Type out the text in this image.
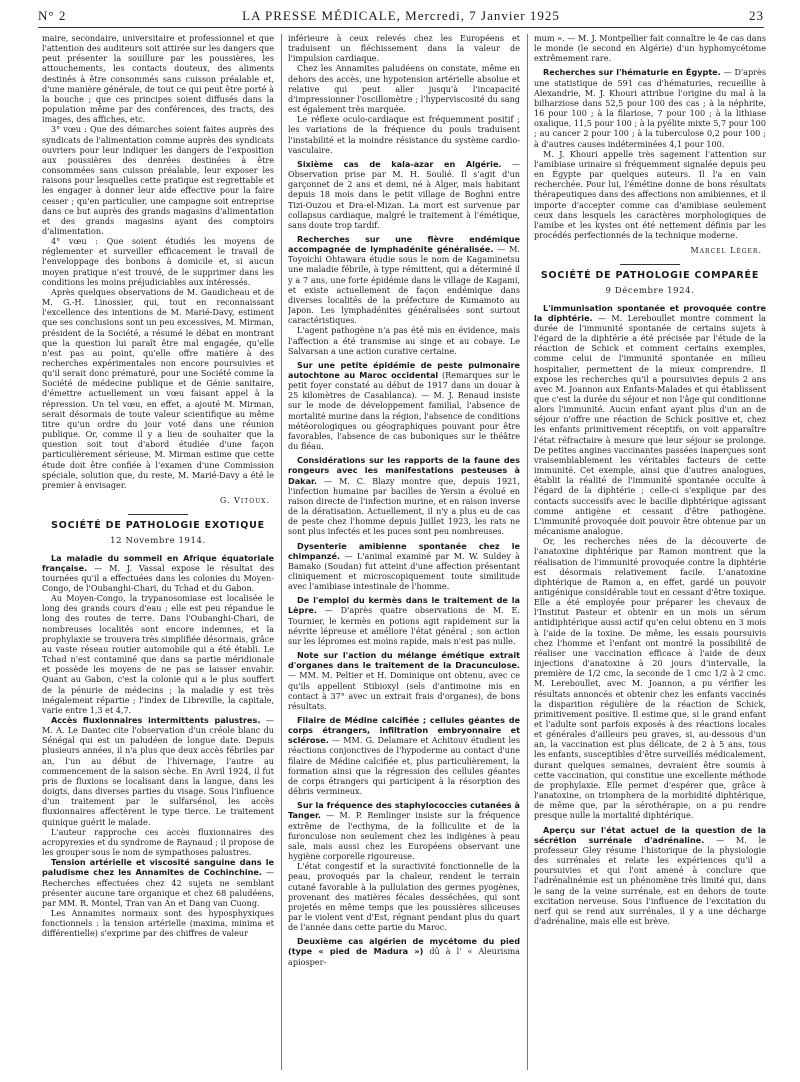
N° 2	LA PRESSE MÉDICALE, Mercredi, 7 Janvier 1925	23

maire, secondaire, universitaire et professionnel et que l'attention des auditeurs soit attirée sur les dangers que peut présenter la souillure par les poussières, les attouchements, les contacts douteux, des aliments destinés à être consommés sans cuisson préalable et, d'une manière générale, de tout ce qui peut être porté à la bouche ; que ces principes soient diffusés dans la population même par des conférences, des tracts, des images, des affiches, etc.

3° vœu : Que des démarches soient faites auprès des syndicats de l'alimentation comme auprès des syndicats ouvriers pour leur indiquer les dangers de l'exposition aux poussières des denrées destinées à être consommées sans cuisson préalable, leur exposer les raisons pour lesquelles cette pratique est regrettable et les engager à donner leur aide effective pour la faire cesser ; qu'en particulier, une campagne soit entreprise dans ce but auprès des grands magasins d'alimentation et des grands magasins ayant des comptoirs d'alimentation.

4° vœu : Que soient étudiés les moyens de réglementer et surveiller efficacement le travail de l'enveloppage des bonbons à domicile et, si aucun moyen pratique n'est trouvé, de le supprimer dans les conditions les moins préjudiciables aux intéressés.

Après quelques observations de M. Gaudicheau et de M. G.-H. Linossier, qui, tout en reconnaissant l'excellence des intentions de M. Marié-Davy, estiment que ses conclusions sont un peu excessives, M. Mirman, président de la Société, a résumé le débat en montrant que la question lui paraît être mal engagée, qu'elle n'est pas au point, qu'elle offre matière à des recherches expérimentales non encore poursuivies et qu'il serait donc prématuré, pour une Société comme la Société de médecine publique et de Génie sanitaire, d'émettre actuellement un vœu faisant appel à la répression. Un tel vœu, en effet, a ajouté M. Mirman, serait désormais de toute valeur scientifique au même titre qu'un ordre du jour voté dans une réunion publique. Or, comme il y a lieu de souhaiter que la question soit tout d'abord étudiée d'une façon particulièrement sérieuse, M. Mirman estime que cette étude doit être confiée à l'examen d'une Commission spéciale, solution que, du reste, M. Marié-Davy a été le premier à envisager.

G. Vitoux.
SOCIÉTÉ DE PATHOLOGIE EXOTIQUE
12 Novembre 1914.

La maladie du sommeil en Afrique équatoriale française. — M. J. Vassal expose le résultat des tournées qu'il a effectuées dans les colonies du Moyen-Congo, de l'Oubanghi-Chari, du Tchad et du Gabon.

Au Moyen-Congo, la trypanosomiase est localisée le long des grands cours d'eau ; elle est peu répandue le long des routes de terre. Dans l'Oubanghi-Chari, de nombreuses localités sont encore indemnes, et la prophylaxie se trouvera très simplifiée désormais, grâce au vaste réseau routier automobile qui a été établi. Le Tchad n'est contaminé que dans sa partie méridionale et possède les moyens de ne pas se laisser envahir. Quant au Gabon, c'est la colonie qui a le plus souffert de la pénurie de médecins ; la maladie y est très inégalement répartie ; l'index de Libreville, la capitale, varie entre 1,3 et 4,7.

Accès fluxionnaires intermittents palustres. — M. A. Le Dantec cite l'observation d'un créole blanc du Sénégal qui est un paludéen de longue date. Depuis plusieurs années, il n'a plus que deux accès fébriles par an, l'un au début de l'hivernage, l'autre au commencement de la saison sèche. En Avril 1924, il fut pris de fluxions se localisant dans la langue, dans les doigts, dans diverses parties du visage. Sous l'influence d'un traitement par le sulfarsénol, les accès fluxionnaires affectèrent le type tierce. Le traitement quinique guérit le malade.

L'auteur rapproche ces accès fluxionnaires des acropyrexies et du syndrome de Raynaud ; il propose de les grouper sous le nom de sympathoses palustres.

Tension artérielle et viscosité sanguine dans le paludisme chez les Annamites de Cochinchine. — Recherches effectuées chez 42 sujets ne semblant présenter aucune tare organique et chez 68 paludéens, par MM. R. Montel, Tran van An et Dang van Cuong.

Les Annamites normaux sont des hyposphyxiques fonctionnels : la tension artérielle (maxima, minima et différentielle) s'exprime par des chiffres de valeur

inférieure à ceux relevés chez les Européens et traduisent un fléchissement dans la valeur de l'impulsion cardiaque.

Chez les Annamites paludéens on constate, même en dehors des accès, une hypotension artérielle absolue et relative qui peut aller jusqu'à l'incapacité d'impressionner l'oscillomètre ; l'hyperviscosité du sang est également très marquée.

Le réflexe oculo-cardiaque est fréquemment positif ; les variations de la fréquence du pouls traduisent l'instabilité et la moindre résistance du système cardio-vasculaire.

Sixième cas de kala-azar en Algérie. — Observation prise par M. H. Soulié. Il s'agit d'un garçonnet de 2 ans et demi, né à Alger, mais habitant depuis 18 mois dans le petit village de Boghni entre Tizi-Ouzou et Dra-el-Mizan. La mort est survenue par collapsus cardiaque, malgré le traitement à l'émétique, sans doute trop tardif.

Recherches sur une fièvre endémique accompagnée de lymphadénite généralisée. — M. Toyoichi Ohtawara étudie sous le nom de Kagaminetsu une maladie fébrile, à type rémittent, qui a déterminé il y a 7 ans, une forte épidémie dans le village de Kagami, et existe actuellement de façon endémique dans diverses localités de la préfecture de Kumamoto au Japon. Les lymphadénites généralisées sont surtout caractéristiques.

L'agent pathogène n'a pas été mis en évidence, mais l'affection a été transmise au singe et au cobaye. Le Salvarsan a une action curative certaine.

Sur une petite épidémie de peste pulmonaire autochtone au Maroc occidental (Remarques sur le petit foyer constaté au début de 1917 dans un douar à 25 kilomètres de Casablanca). — M. J. Renaud insiste sur le mode de développement familial, l'absence de mortalité murine dans la région, l'absence de conditions météorologiques ou géographiques pouvant pour être favorables, l'absence de cas buboniques sur le théâtre du fléau.

Considérations sur les rapports de la faune des rongeurs avec les manifestations pesteuses à Dakar. — M. C. Blazy montre que, depuis 1921, l'infection humaine par bacilles de Yersin a évolué en raison directe de l'infection murine, et en raison inverse de la dératisation. Actuellement, il n'y a plus eu de cas de peste chez l'homme depuis Juillet 1923, les rats ne sont plus infectés et les puces sont peu nombreuses.

Dysenterie amibienne spontanée chez le chimpanzé. — L'animal examiné par M. W. Suldey à Bamako (Soudan) fut atteint d'une affection présentant cliniquement et microscopiquement toute similitude avec l'amibiase intestinale de l'homme.

De l'emploi du kermès dans le traitement de la Lèpre. — D'après quatre observations de M. E. Tournier, le kermès en potions agit rapidement sur la névrite lépreuse et améliore l'état général ; son action sur les lépromes est moins rapide, mais n'est pas nulle.

Note sur l'action du mélange émétique extrait d'organes dans le traitement de la Dracunculose. — MM. M. Peltier et H. Dominique ont obtenu, avec ce qu'ils appellent Stibioxyl (sels d'antimoine mis en contact à 37° avec un extrait frais d'organes), de bons résultats.

Filaire de Médine calcifiée ; cellules géantes de corps étrangers, infiltration embryonnaire et sclérose. — MM. G. Delamare et Achitouv étudient les réactions conjonctives de l'hypoderme au contact d'une filaire de Médine calcifiée et, plus particulièrement, la formation ainsi que la régression des cellules géantes de corps étrangers qui participent à la résorption des débris vermineux.

Sur la fréquence des staphylococcies cutanées à Tanger. — M. P. Remlinger insiste sur la fréquence extrême de l'ecthyma, de la folliculite et de la furonculose non seulement chez les indigènes à peau sale, mais aussi chez les Européens observant une hygiène corporelle rigoureuse.

L'état congestif et la suractivité fonctionnelle de la peau, provoqués par la chaleur, rendent le terrain cutané favorable à la pullulation des germes pyogènes, provenant des matières fécales desséchées, qui sont projetés en même temps que les poussières siliceuses par le violent vent d'Est, régnant pendant plus du quart de l'année dans cette partie du Maroc.

Deuxième cas algérien de mycétome du pied (type « pied de Madura ») dû à l' « Aleurisma apiosper-

mum ». — M. J. Montpellier fait connaître le 4e cas dans le monde (le second en Algérie) d'un hyphomycétome extrêmement rare.

Recherches sur l'hématurie en Égypte. — D'après une statistique de 591 cas d'hématuries, recueillie à Alexandrie, M. J. Khouri attribue l'origine du mal à la bilharziose dans 52,5 pour 100 des cas ; à la néphrite, 16 pour 100 ; à la filariose, 7 pour 100 ; à la lithiase oxalique, 11,5 pour 100 ; à la pyélite mixte 5,7 pour 100 ; au cancer 2 pour 100 ; à la tuberculose 0,2 pour 100 ; à d'autres causes indéterminées 4,1 pour 100.

M. J. Khouri appelle très sagement l'attention sur l'amibiase urinaire si fréquemment signalée depuis peu en Égypte par quelques auteurs. Il l'a en vain recherchée. Pour lui, l'émétine donne de bons résultats thérapeutiques dans des affections non amibiennes, et il importe d'accepter comme cas d'amibiase seulement ceux dans lesquels les caractères morphologiques de l'amibe et les kystes ont été nettement définis par les procédés perfectionnés de la technique moderne.

Marcel Léger.
SOCIÉTÉ DE PATHOLOGIE COMPARÉE
9 Décembre 1924.

L'immunisation spontanée et provoquée contre la diphtérie. — M. Lereboullet montre comment la durée de l'immunité spontanée de certains sujets à l'égard de la diphtérie a été précisée par l'étude de la réaction de Schick et comment certains exemples, comme celui de l'immunité spontanée en milieu hospitalier, permettent de la mieux comprendre. Il expose les recherches qu'il a poursuivies depuis 2 ans avec M. Joannon aux Enfants-Malades et qui établissent que c'est la durée du séjour et non l'âge qui conditionne alors l'immunité. Aucun enfant ayant plus d'un an de séjour n'offre une réaction de Schick positive et, chez les enfants primitivement réceptifs, on voit apparaître l'état réfractaire à mesure que leur séjour se prolonge. De petites angines vaccinantes passées inaperçues sont vraisemblablement les véritables facteurs de cette immunité. Cet exemple, ainsi que d'autres analogues, établit la réalité de l'immunité spontanée occulte à l'égard de la diphtérie ; celle-ci s'explique par des contacts successifs avec le bacille diphtérique agissant comme antigène et cessant d'être pathogène. L'immunité provoquée doit pouvoir être obtenue par un mécanisme analogue.

Or, les recherches nées de la découverte de l'anatoxine diphtérique par Ramon montrent que la réalisation de l'immunité provoquée contre la diphtérie est désormais relativement facile. L'anatoxine diphtérique de Ramon a, en effet, gardé un pouvoir antigénique considérable tout en cessant d'être toxique. Elle a été employée pour préparer les chevaux de l'Institut Pasteur et obtenir en un mois un sérum antidiphtérique aussi actif qu'en celui obtenu en 3 mois à l'aide de la toxine. De même, les essais poursuivis chez l'homme et l'enfant ont montré la possibilité de réaliser une vaccination efficace à l'aide de deux injections d'anatoxine à 20 jours d'intervalle, la première de 1/2 cmc, la seconde de 1 cmc 1/2 à 2 cmc. M. Lereboullet, avec M. Joannon, a pu vérifier les résultats annoncés et obtenir chez les enfants vaccinés la disparition régulière de la réaction de Schick, primitivement positive. Il estime que, si le grand enfant et l'adulte sont parfois exposés à des réactions locales et générales d'ailleurs peu graves, si, au-dessous d'un an, la vaccination est plus délicate, de 2 à 5 ans, tous les enfants, susceptibles d'être surveillés médicalement, durant quelques semaines, devraient être soumis à cette vaccination, qui constitue une excellente méthode de prophylaxie. Elle permet d'espérer que, grâce à l'anatoxine, on triomphera de la morbidité diphtérique, de même que, par la sérothérapie, on a pu rendre presque nulle la mortalité diphtérique.

Aperçu sur l'état actuel de la question de la sécrétion surrénale d'adrénaline. — M. le professeur Gley résume l'historique de la physiologie des surrénales et relate les expériences qu'il a poursuivies et qui l'ont amené à conclure que l'adrénalinémie est un phénomène très limité qui, dans le sang de la veine surrénale, est en dehors de toute excitation nerveuse. Sous l'influence de l'excitation du nerf qui se rend aux surrénales, il y a une décharge d'adrénaline, mais elle est brève.
